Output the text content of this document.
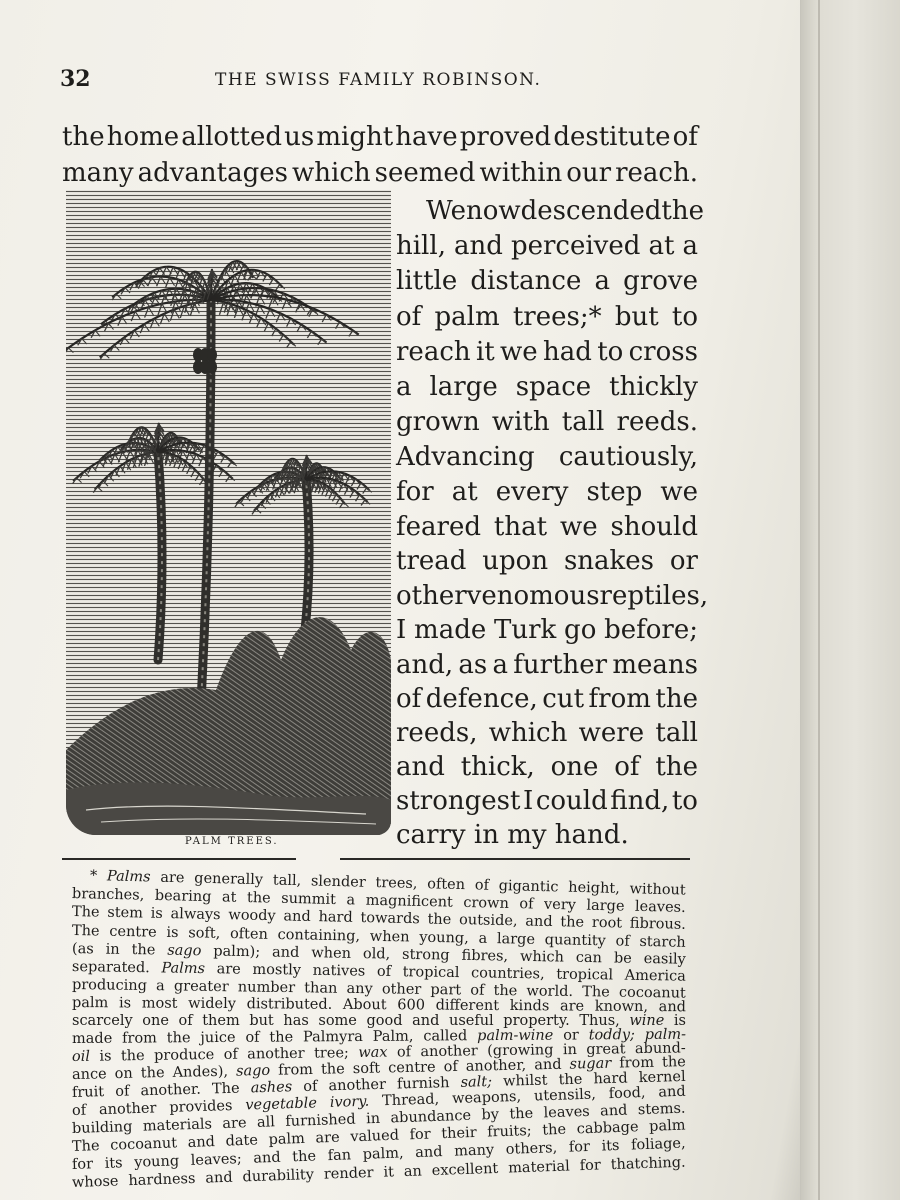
32	THE SWISS FAMILY ROBINSON.
the home allotted us might have proved destitute of
many advantages which seemed within our reach.
PALM TREES.
We now descended the
hill, and perceived at a
little distance a grove
of palm trees;* but to
reach it we had to cross
a large space thickly
grown with tall reeds.
Advancing cautiously,
for at every step we
feared that we should
tread upon snakes or
other venomous reptiles,
I made Turk go before;
and, as a further means
of defence, cut from the
reeds, which were tall
and thick, one of the
strongest I could find, to
carry in my hand.
* Palms are generally tall, slender trees, often of gigantic height, without
branches, bearing at the summit a magnificent crown of very large leaves.
The stem is always woody and hard towards the outside, and the root fibrous.
The centre is soft, often containing, when young, a large quantity of starch
(as in the sago palm); and when old, strong fibres, which can be easily
separated. Palms are mostly natives of tropical countries, tropical America
producing a greater number than any other part of the world. The cocoanut
palm is most widely distributed. About 600 different kinds are known, and
scarcely one of them but has some good and useful property. Thus, wine is
made from the juice of the Palmyra Palm, called palm-wine or toddy; palm-
oil is the produce of another tree; wax of another (growing in great abund-
ance on the Andes), sago from the soft centre of another, and sugar from the
fruit of another. The ashes of another furnish salt; whilst the hard kernel
of another provides vegetable ivory. Thread, weapons, utensils, food, and
building materials are all furnished in abundance by the leaves and stems.
The cocoanut and date palm are valued for their fruits; the cabbage palm
for its young leaves; and the fan palm, and many others, for its foliage,
whose hardness and durability render it an excellent material for thatching.
